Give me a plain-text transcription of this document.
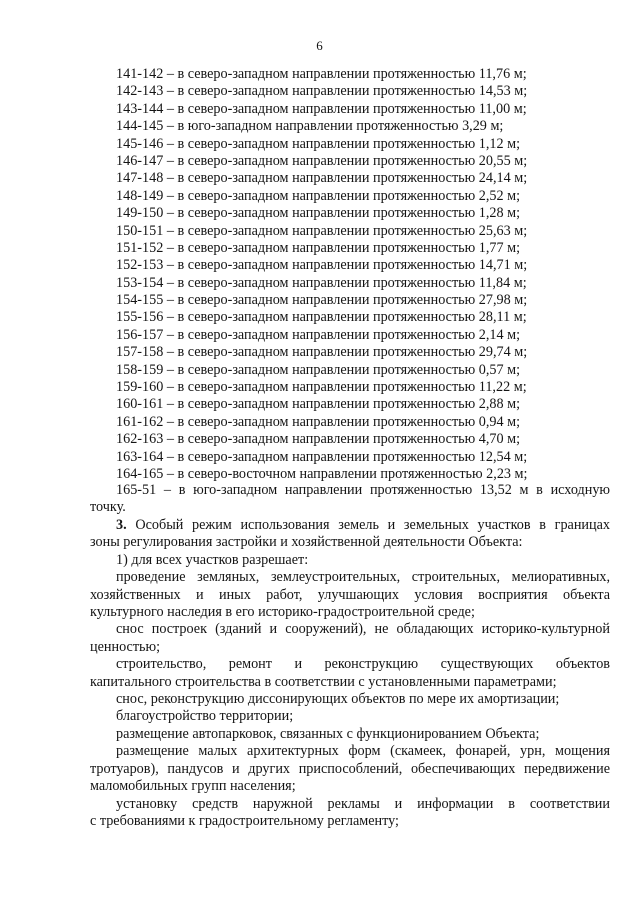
6
141-142 – в северо-западном направлении протяженностью 11,76 м;
142-143 – в северо-западном направлении протяженностью 14,53 м;
143-144 – в северо-западном направлении протяженностью 11,00 м;
144-145 – в юго-западном направлении протяженностью 3,29 м;
145-146 – в северо-западном направлении протяженностью 1,12 м;
146-147 – в северо-западном направлении протяженностью 20,55 м;
147-148 – в северо-западном направлении протяженностью 24,14 м;
148-149 – в северо-западном направлении протяженностью 2,52 м;
149-150 – в северо-западном направлении протяженностью 1,28 м;
150-151 – в северо-западном направлении протяженностью 25,63 м;
151-152 – в северо-западном направлении протяженностью 1,77 м;
152-153 – в северо-западном направлении протяженностью 14,71 м;
153-154 – в северо-западном направлении протяженностью 11,84 м;
154-155 – в северо-западном направлении протяженностью 27,98 м;
155-156 – в северо-западном направлении протяженностью 28,11 м;
156-157 – в северо-западном направлении протяженностью 2,14 м;
157-158 – в северо-западном направлении протяженностью 29,74 м;
158-159 – в северо-западном направлении протяженностью 0,57 м;
159-160 – в северо-западном направлении протяженностью 11,22 м;
160-161 – в северо-западном направлении протяженностью 2,88 м;
161-162 – в северо-западном направлении протяженностью 0,94 м;
162-163 – в северо-западном направлении протяженностью 4,70 м;
163-164 – в северо-западном направлении протяженностью 12,54 м;
164-165 – в северо-восточном направлении протяженностью 2,23 м;
165-51 – в юго-западном направлении протяженностью 13,52 м в исходную
точку.

3. Особый режим использования земель и земельных участков в границах

зоны регулирования застройки и хозяйственной деятельности Объекта:

1) для всех участков разрешает:

проведение земляных, землеустроительных, строительных, мелиоративных,

хозяйственных и иных работ, улучшающих условия восприятия объекта

культурного наследия в его историко-градостроительной среде;

снос построек (зданий и сооружений), не обладающих историко-культурной

ценностью;

строительство, ремонт и реконструкцию существующих объектов

капитального строительства в соответствии с установленными параметрами;

снос, реконструкцию диссонирующих объектов по мере их амортизации;

благоустройство территории;

размещение автопарковок, связанных с функционированием Объекта;

размещение малых архитектурных форм (скамеек, фонарей, урн, мощения

тротуаров), пандусов и других приспособлений, обеспечивающих передвижение

маломобильных групп населения;

установку средств наружной рекламы и информации в соответствии

с требованиями к градостроительному регламенту;
